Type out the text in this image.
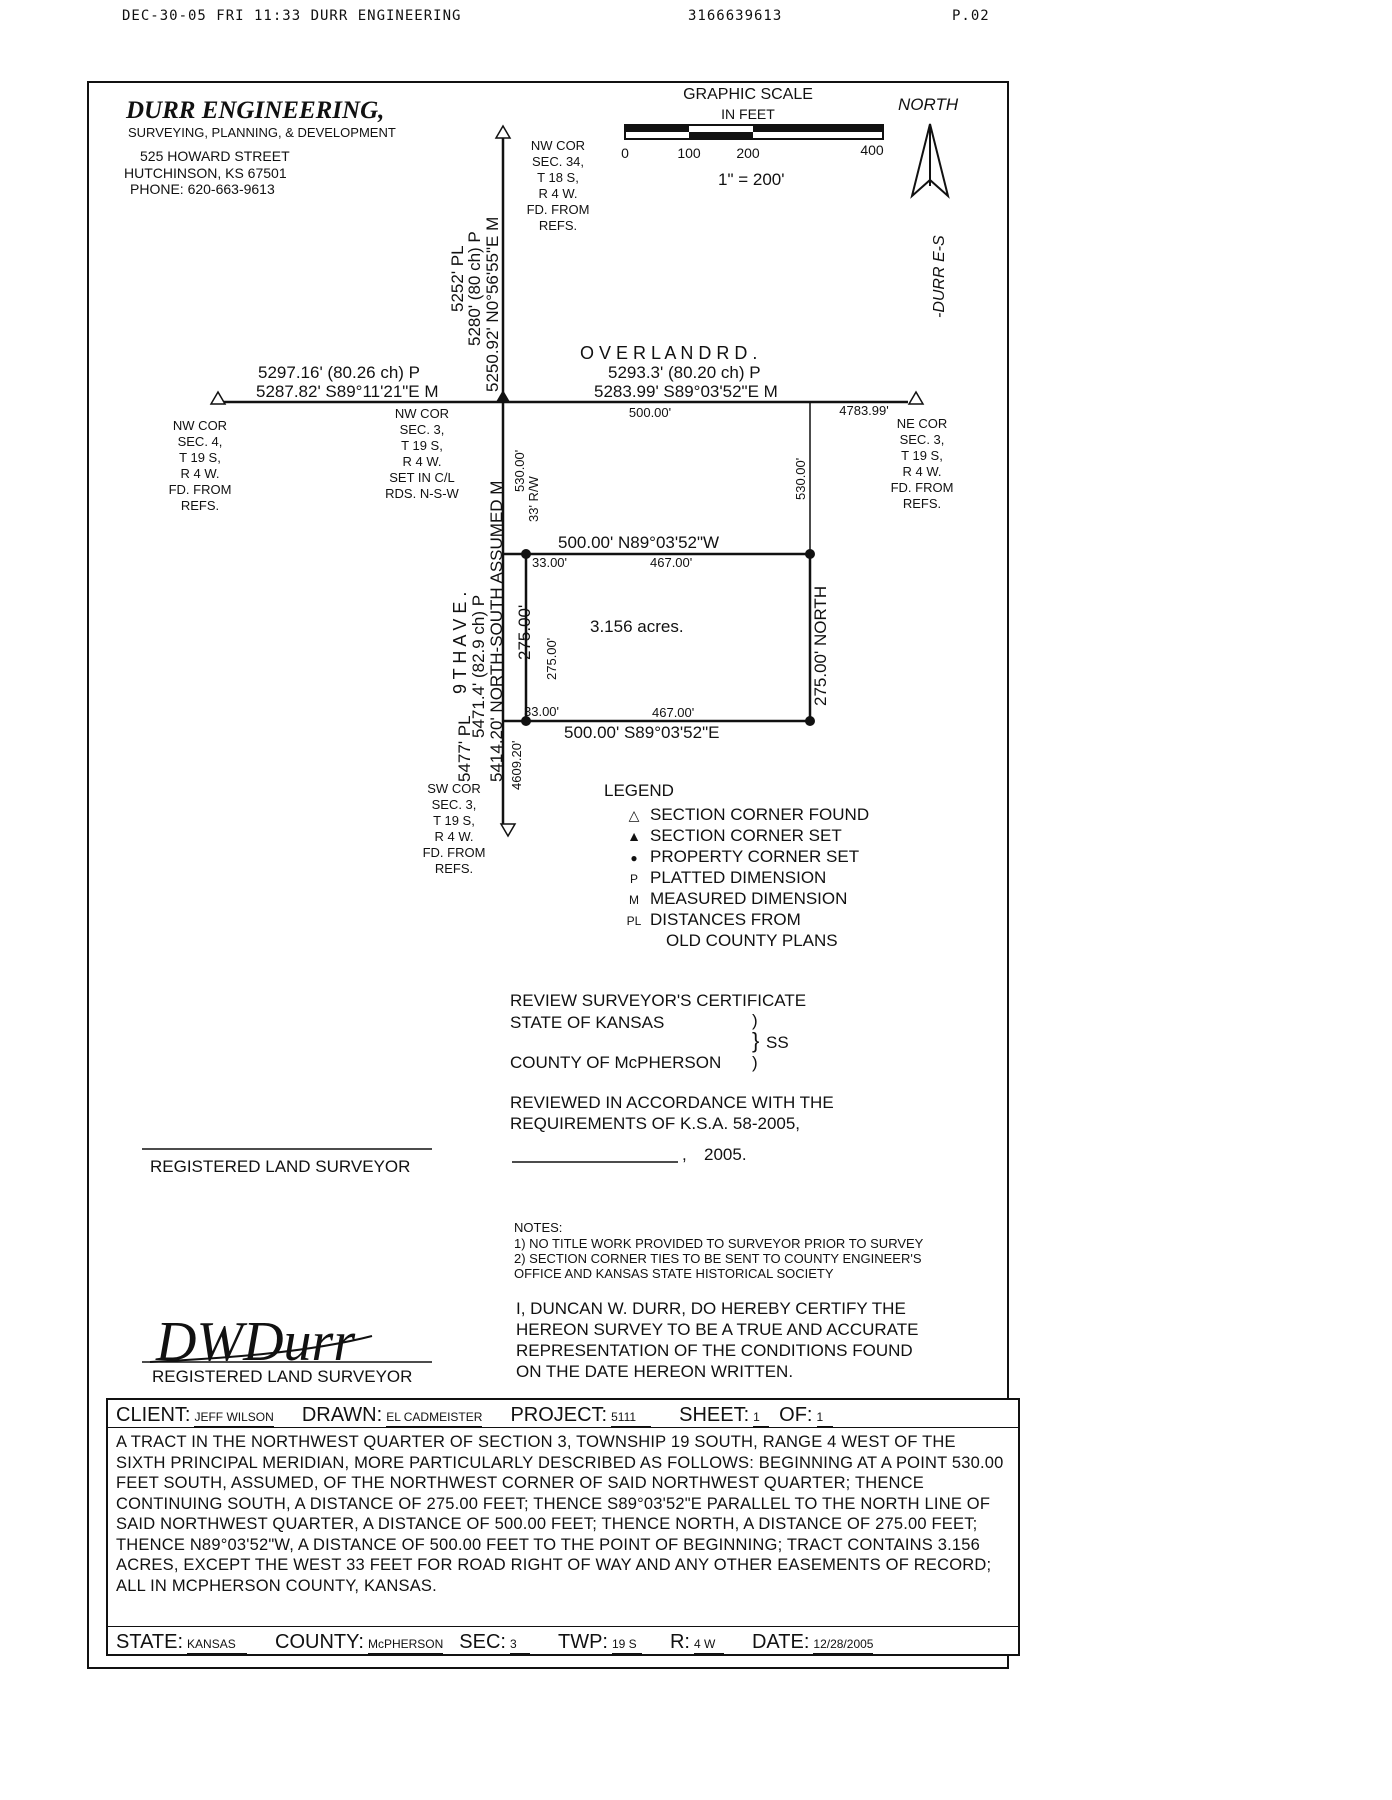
DEC-30-05 FRI 11:33 DURR ENGINEERING	3166639613	P.02
DURR ENGINEERING,
SURVEYING, PLANNING, & DEVELOPMENT
525 HOWARD STREET
HUTCHINSON, KS 67501
PHONE: 620-663-9613
GRAPHIC SCALE
IN FEET
0	100	200	400
1" = 200'
NORTH
-DURR E-S
NW COR
SEC. 34,
T 18 S,
R 4 W.
FD. FROM
REFS.
NW COR
SEC. 4,
T 19 S,
R 4 W.
FD. FROM
REFS.
NW COR
SEC. 3,
T 19 S,
R 4 W.
SET IN C/L
RDS. N-S-W
NE COR
SEC. 3,
T 19 S,
R 4 W.
FD. FROM
REFS.
SW COR
SEC. 3,
T 19 S,
R 4 W.
FD. FROM
REFS.
5252' PL
5280' (80 ch) P 5250.92' N0°56'55"E M
5297.16' (80.26 ch) P
5287.82' S89°11'21"E M
O V E R L A N D R D .
5293.3' (80.20 ch) P
5283.99' S89°03'52"E M
500.00'	4783.99'
530.00'	530.00'
33' R/W
500.00' N89°03'52"W
33.00'	467.00'
3.156 acres.
275.00' 275.00'	275.00' NORTH
33.00'	467.00'
500.00' S89°03'52"E
9 T H A V E .
5477' PL
5471.4' (82.9 ch) P 5414.20' NORTH-SOUTH ASSUMED M 4609.20'
LEGEND
△ SECTION CORNER FOUND
▲ SECTION CORNER SET
● PROPERTY CORNER SET
P PLATTED DIMENSION
M MEASURED DIMENSION
PL DISTANCES FROM
OLD COUNTY PLANS
REVIEW SURVEYOR'S CERTIFICATE
STATE OF KANSAS	)
} SS
COUNTY OF McPHERSON )
REVIEWED IN ACCORDANCE WITH THE
REQUIREMENTS OF K.S.A. 58-2005,
, 2005.
REGISTERED LAND SURVEYOR
NOTES:
1) NO TITLE WORK PROVIDED TO SURVEYOR PRIOR TO SURVEY
2) SECTION CORNER TIES TO BE SENT TO COUNTY ENGINEER'S
OFFICE AND KANSAS STATE HISTORICAL SOCIETY
I, DUNCAN W. DURR, DO HEREBY CERTIFY THE
HEREON SURVEY TO BE A TRUE AND ACCURATE
REPRESENTATION OF THE CONDITIONS FOUND
ON THE DATE HEREON WRITTEN.
DWDurr
REGISTERED LAND SURVEYOR
CLIENT: JEFF WILSON DRAWN: EL CADMEISTER PROJECT: 5111	SHEET: 1 OF: 1
A TRACT IN THE NORTHWEST QUARTER OF SECTION 3, TOWNSHIP 19 SOUTH, RANGE 4 WEST OF THE SIXTH PRINCIPAL MERIDIAN, MORE PARTICULARLY DESCRIBED AS FOLLOWS: BEGINNING AT A POINT 530.00 FEET SOUTH, ASSUMED, OF THE NORTHWEST CORNER OF SAID NORTHWEST QUARTER; THENCE CONTINUING SOUTH, A DISTANCE OF 275.00 FEET; THENCE S89°03'52"E PARALLEL TO THE NORTH LINE OF SAID NORTHWEST QUARTER, A DISTANCE OF 500.00 FEET; THENCE NORTH, A DISTANCE OF 275.00 FEET; THENCE N89°03'52"W, A DISTANCE OF 500.00 FEET TO THE POINT OF BEGINNING; TRACT CONTAINS 3.156 ACRES, EXCEPT THE WEST 33 FEET FOR ROAD RIGHT OF WAY AND ANY OTHER EASEMENTS OF RECORD; ALL IN MCPHERSON COUNTY, KANSAS.
STATE: KANSAS	COUNTY: McPHERSON SEC: 3	TWP: 19 S R: 4 W	DATE: 12/28/2005
